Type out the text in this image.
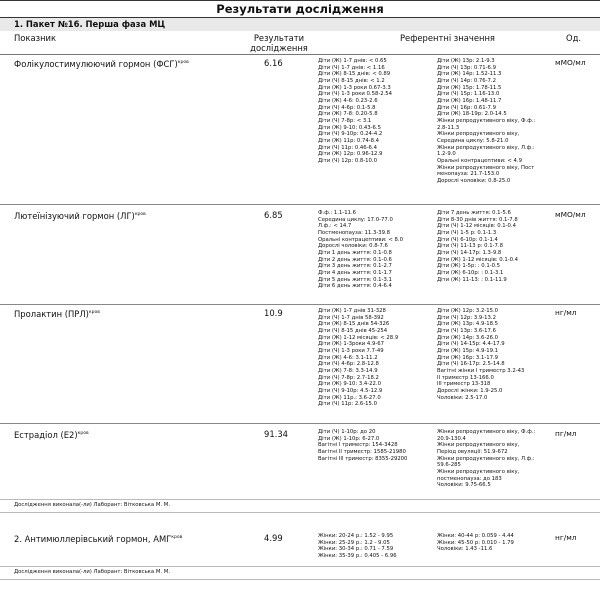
Результати дослідження
1. Пакет №16. Перша фаза МЦ
Показник	Результати дослідження
Референтні значення	Од.
Фолікулостимулюючий гормон (ФСГ)$^{кров}$	6.16	мМО/мл
Діти (Ж) 1-7 днів: < 0.65
Діти (Ч) 1-7 днів: < 1.16
Діти (Ж) 8-15 днів: < 0.89
Діти (Ч) 8-15 днів: < 1.2
Діти (Ж) 1-3 роки 0.67-3.3
Діти (Ч) 1-3 роки 0.58-2.54
Діти (Ж) 4-6: 0.23-2.6
Діти (Ч) 4-6р: 0.1-5.8
Діти (Ж) 7-8: 0.20-5.8
Діти (Ч) 7-8р: < 3.1
Діти (Ж) 9-10: 0.43-6.5
Діти (Ч) 9-10р: 0.24-4.2
Діти (Ж) 11р: 0.74-8.4
Діти (Ч) 11р: 0.46-6.4
Діти (Ж) 12р: 0.96-12.9
Діти (Ч) 12р: 0.8-10.0
Діти (Ж) 13р: 2.1-9.3
Діти (Ч) 13р: 0.71-6.9
Діти (Ж) 14р: 1.52-11.3
Діти (Ч) 14р: 0.76-7.2
Діти (Ж) 15р: 1.78-11.5
Діти (Ч) 15р: 1.16-13.0
Діти (Ж) 16р: 1.48-11.7
Діти (Ч) 16р: 0.61-7.9
Діти (Ж) 18-19р: 2.0-14.5
Жінки репродуктивного віку, Ф.ф.:
2.8-11.3
Жінки репродуктивного віку,
Середина циклу: 5.8-21.0
Жінки репродуктивного віку, Л.ф.:
1.2-9.0
Оральні контрацептиви: < 4.9
Жінки репродуктивного віку, Пост
менопауза: 21.7-153.0
Дорослі чоловіки: 0.8-25.0
Лютеїнізуючий гормон (ЛГ)$^{кров}$	6.85	мМО/мл
Ф.ф.: 1.1-11.6
Середина циклу: 17.0-77.0
Л.ф.: < 14.7
Постменопауза: 11.3-39.8
Оральні контрацептиви: < 8.0
Дорослі чоловіки: 0.8-7.6
Діти 1 день життя: 0.1-0.8
Діти 2 день життя: 0.1-0.6
Діти 3 день життя: 0.1-2.7
Діти 4 день життя: 0.1-1.7
Діти 5 день життя: 0.1-3.1
Діти 6 день життя: 0.4-6.4
Діти 7 день життя: 0.1-5.6
Діти 8-30 днів життя: 0.1-7.8
Діти (Ч) 1-12 місяців: 0.1-0.4
Діти (Ч) 1-5 р: 0.1-1.3
Діти (Ч) 6-10р: 0.1-1.4
Діти (Ч) 11-13 р: 0.1-7.8
Діти (Ч) 14-17р: 1.3-9.8
Діти (Ж) 1-12 місяців: 0.1-0.4
Діти (Ж) 1-5р: : 0.1-0.5
Діти (Ж) 6-10р: : 0.1-3.1
Діти (Ж) 11-13: : 0.1-11.9
Пролактин (ПРЛ)$^{кров}$	10.9	нг/мл
Діти (Ж) 1-7 днів 31-328
Діти (Ч) 1-7 днів 58-392
Діти (Ж) 8-15 днів 54-326
Діти (Ч) 8-15 днів 45-254
Діти (Ж) 1-12 місяців: < 28.9
Діти (Ж) 1-3роки 4.9-67
Діти (Ч) 1-3 роки 7.7-49
Діти (Ж) 4-6: 3.1-11.2
Діти (Ч) 4-6р: 2.8-12.8
Діти (Ж) 7-8: 3.3-14.9
Діти (Ч) 7-8р: 2.7-18.2
Діти (Ж) 9-10: 3.4-22.0
Діти (Ч) 9-10р: 4.5-12.9
Діти (Ж) 11р.: 3.6-27.0
Діти (Ч) 11р: 2.6-15.0
Діти (Ж) 12р: 3.2-15.0
Діти (Ч) 12р: 3.9-13.2
Діти (Ж) 13р: 4.9-18.5
Діти (Ч) 13р: 3.6-17.6
Діти (Ж) 14р: 3.6-26.0
Діти (Ч) 14-15р: 4.4-17.9
Діти (Ж) 15р: 4.9-19.1
Діти (Ж) 16р: 3.1-17.9
Діти (Ч) 16-17р: 2.5-14.8
Вагітні жінки I триместр 3.2-43
II триместр 13-166.0
III триместр 13-318
Дорослі жінки: 1.9-25.0
Чоловіки: 2.5-17.0
Естрадіол $(Е2)^{кров}$	91.34	пг/мл
Діти (Ч) 1-10р: до 20
Діти (Ж) 1-10р: 6-27.0
Вагітні I триместр: 154-3428
Вагітні II триместр: 1585-21980
Вагітні III триместр: 8355-29200
Жінки репродуктивного віку, Ф.ф.:
20.9-130.4
Жінки репродуктивного віку,
Період овуляції: 51.9-672
Жінки репродуктивного віку, Л.ф.:
59.6-285
Жінки репродуктивного віку,
постменопауза: до 183
Чоловіки: 9.75-66.5
Дослідження виконала(-ли) Лаборант: Вітковська М. М.
2. Антимюллерівський гормон, $АМГ^{кров}$	4.99	нг/мл
Жінки: 20-24 р.: 1.52 - 9.95
Жінки: 25-29 р.: 1.2 - 9.05
Жінки: 30-34 р.: 0.71 - 7.59
Жінки: 35-39 р.: 0.405 - 6.96
Жінки: 40-44 р: 0.059 - 4.44
Жінки: 45-50 р: 0.010 - 1.79
Чоловіки: 1.43 -11.6
Дослідження виконала(-ли) Лаборант: Вітковська М. М.
